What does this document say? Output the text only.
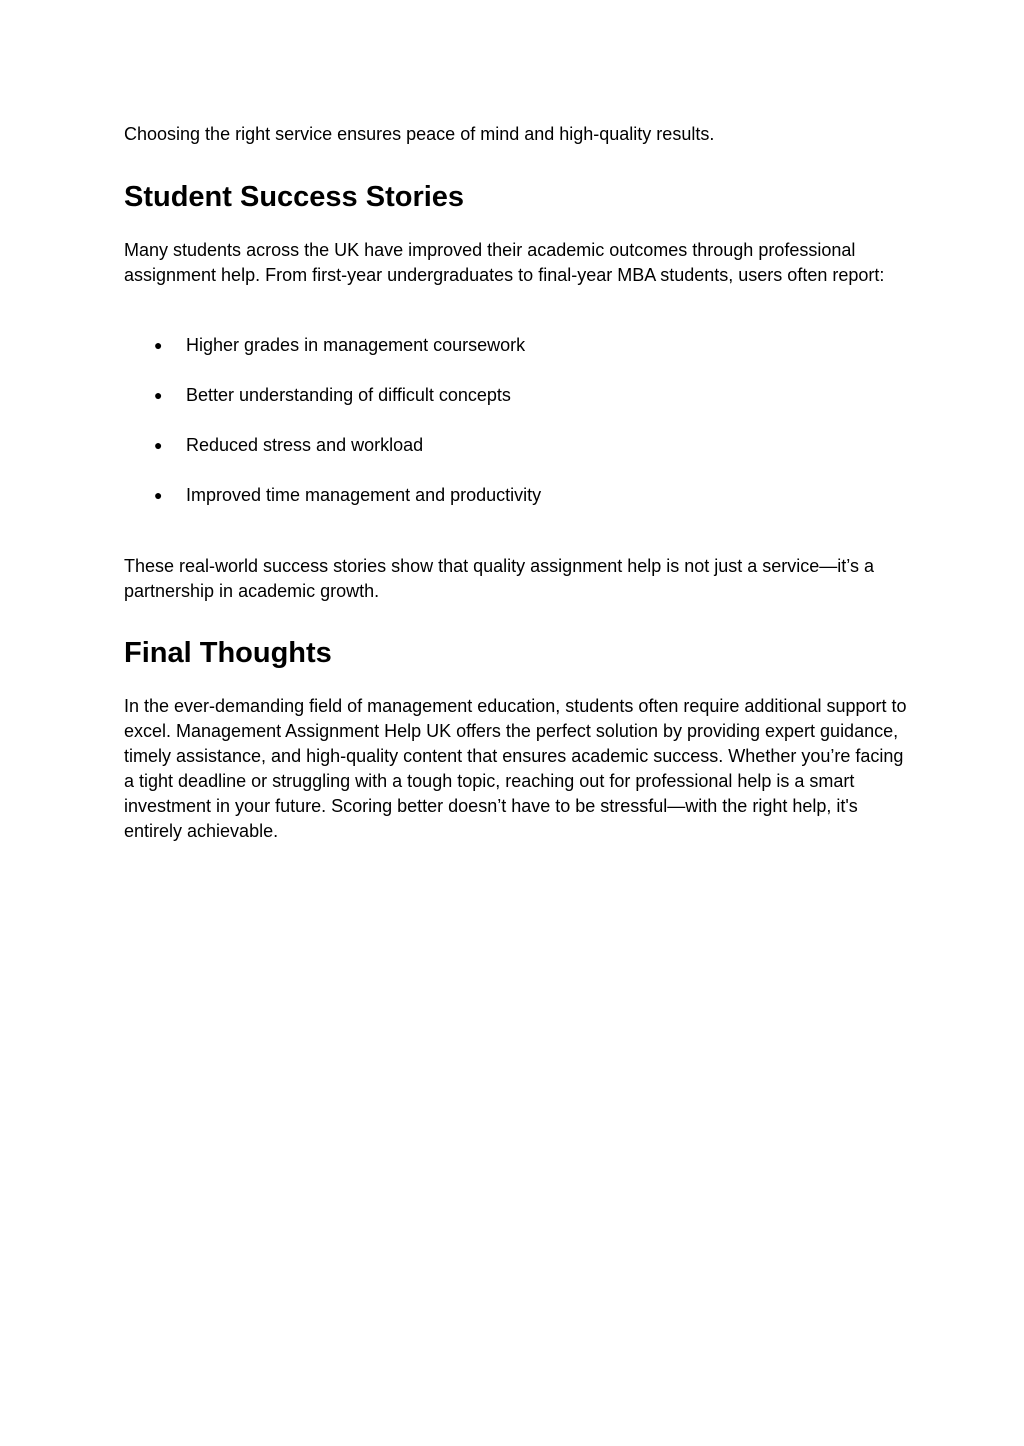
Choosing the right service ensures peace of mind and high-quality results.

Student Success Stories

Many students across the UK have improved their academic outcomes through professional assignment help. From first-year undergraduates to final-year MBA students, users often report:

● Higher grades in management coursework
● Better understanding of difficult concepts
● Reduced stress and workload
● Improved time management and productivity

These real-world success stories show that quality assignment help is not just a service—it’s a partnership in academic growth.

Final Thoughts

In the ever-demanding field of management education, students often require additional support to excel. Management Assignment Help UK offers the perfect solution by providing expert guidance, timely assistance, and high-quality content that ensures academic success. Whether you’re facing a tight deadline or struggling with a tough topic, reaching out for professional help is a smart investment in your future. Scoring better doesn’t have to be stressful—with the right help, it's entirely achievable.
